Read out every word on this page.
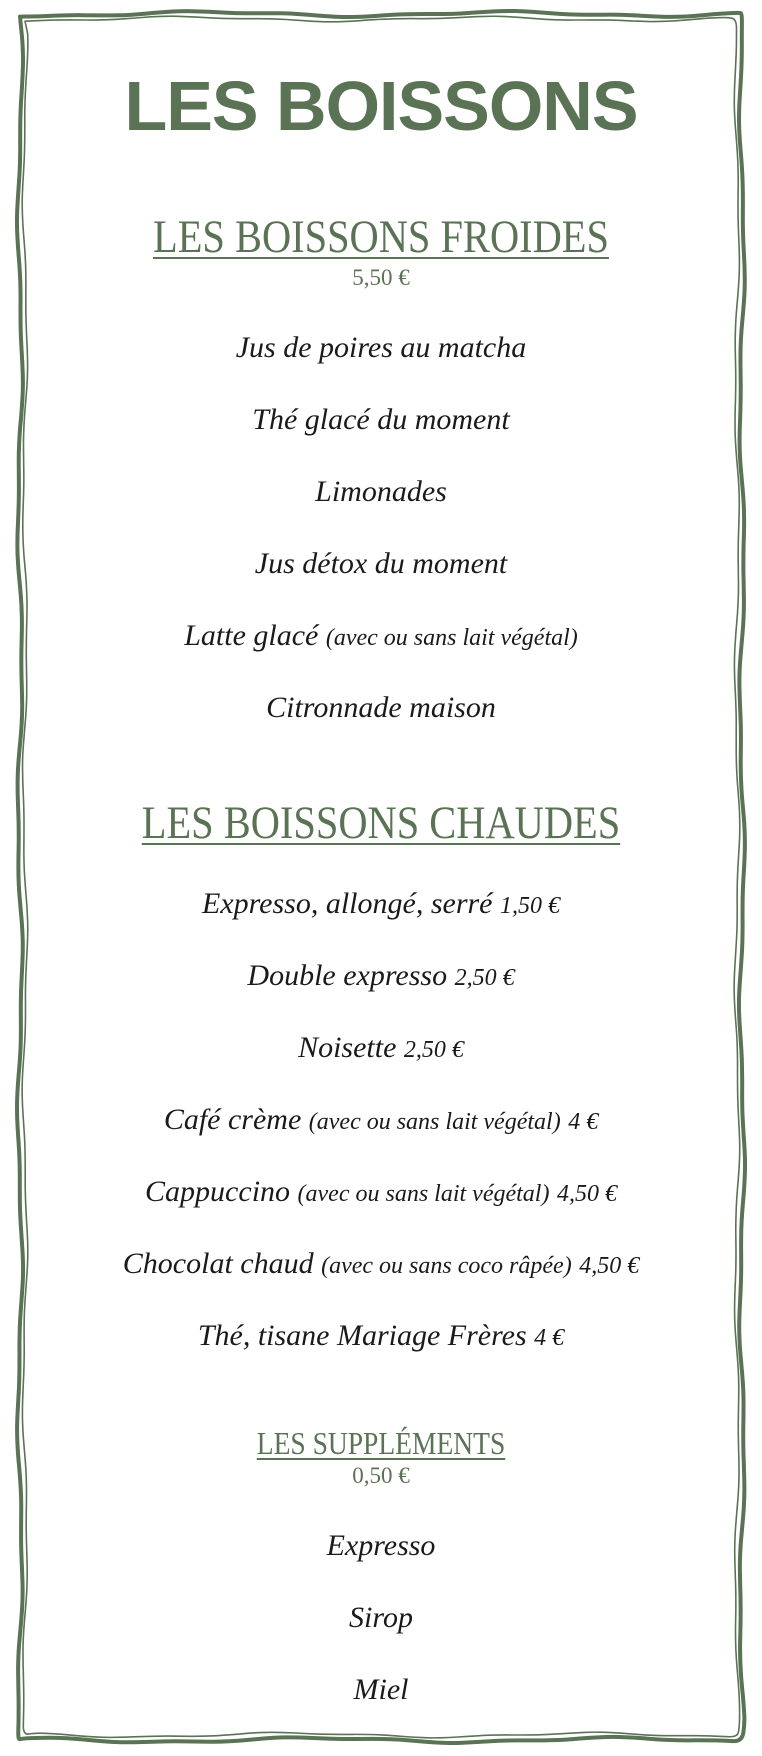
LES BOISSONS
LES BOISSONS FROIDES
5,50 €
Jus de poires au matcha
Thé glacé du moment
Limonades
Jus détox du moment
Latte glacé (avec ou sans lait végétal)
Citronnade maison
LES BOISSONS CHAUDES
Expresso, allongé, serré 1,50 €
Double expresso 2,50 €
Noisette 2,50 €
Café crème (avec ou sans lait végétal) 4 €
Cappuccino (avec ou sans lait végétal) 4,50 €
Chocolat chaud (avec ou sans coco râpée) 4,50 €
Thé, tisane Mariage Frères 4 €
LES SUPPLÉMENTS
0,50 €
Expresso
Sirop
Miel
